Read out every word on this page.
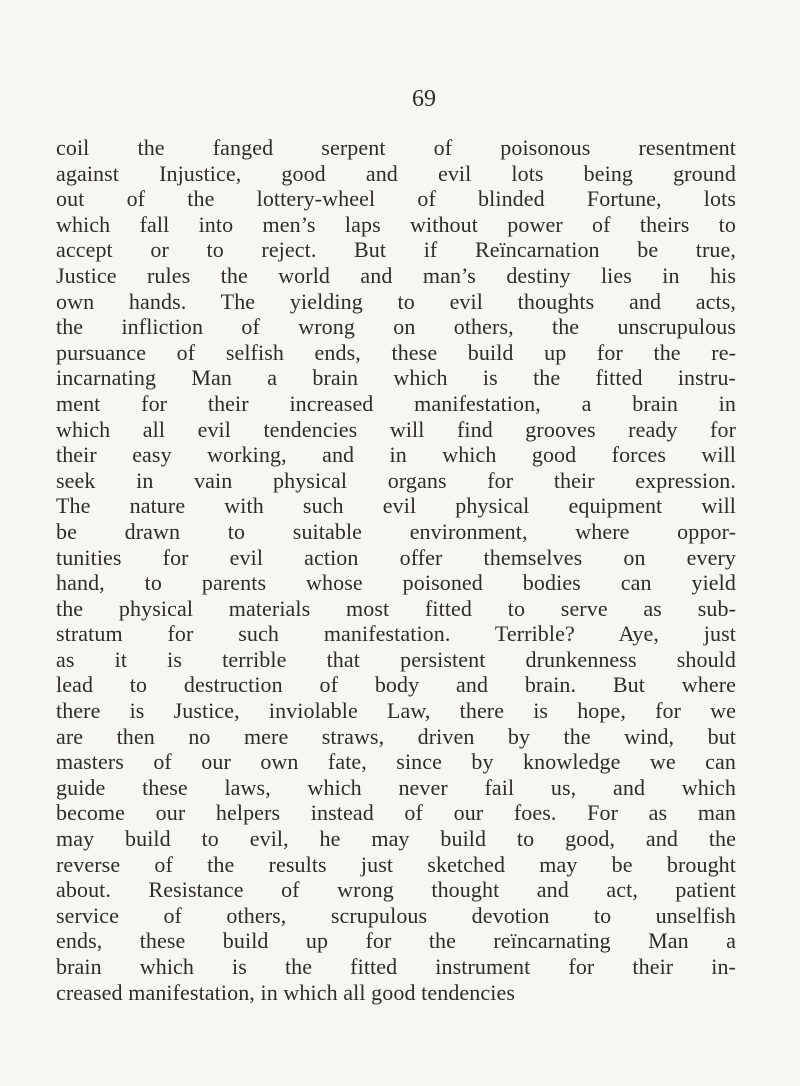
69
coil the fanged serpent of poisonous resentment
against Injustice, good and evil lots being ground
out of the lottery-wheel of blinded Fortune, lots
which fall into men’s laps without power of theirs to
accept or to reject. But if Reïncarnation be true,
Justice rules the world and man’s destiny lies in his
own hands. The yielding to evil thoughts and acts,
the infliction of wrong on others, the unscrupulous
pursuance of selfish ends, these build up for the re-
incarnating Man a brain which is the fitted instru-
ment for their increased manifestation, a brain in
which all evil tendencies will find grooves ready for
their easy working, and in which good forces will
seek in vain physical organs for their expression.
The nature with such evil physical equipment will
be drawn to suitable environment, where oppor-
tunities for evil action offer themselves on every
hand, to parents whose poisoned bodies can yield
the physical materials most fitted to serve as sub-
stratum for such manifestation. Terrible? Aye, just
as it is terrible that persistent drunkenness should
lead to destruction of body and brain. But where
there is Justice, inviolable Law, there is hope, for we
are then no mere straws, driven by the wind, but
masters of our own fate, since by knowledge we can
guide these laws, which never fail us, and which
become our helpers instead of our foes. For as man
may build to evil, he may build to good, and the
reverse of the results just sketched may be brought
about. Resistance of wrong thought and act, patient
service of others, scrupulous devotion to unselfish
ends, these build up for the reïncarnating Man a
brain which is the fitted instrument for their in-
creased manifestation, in which all good tendencies
